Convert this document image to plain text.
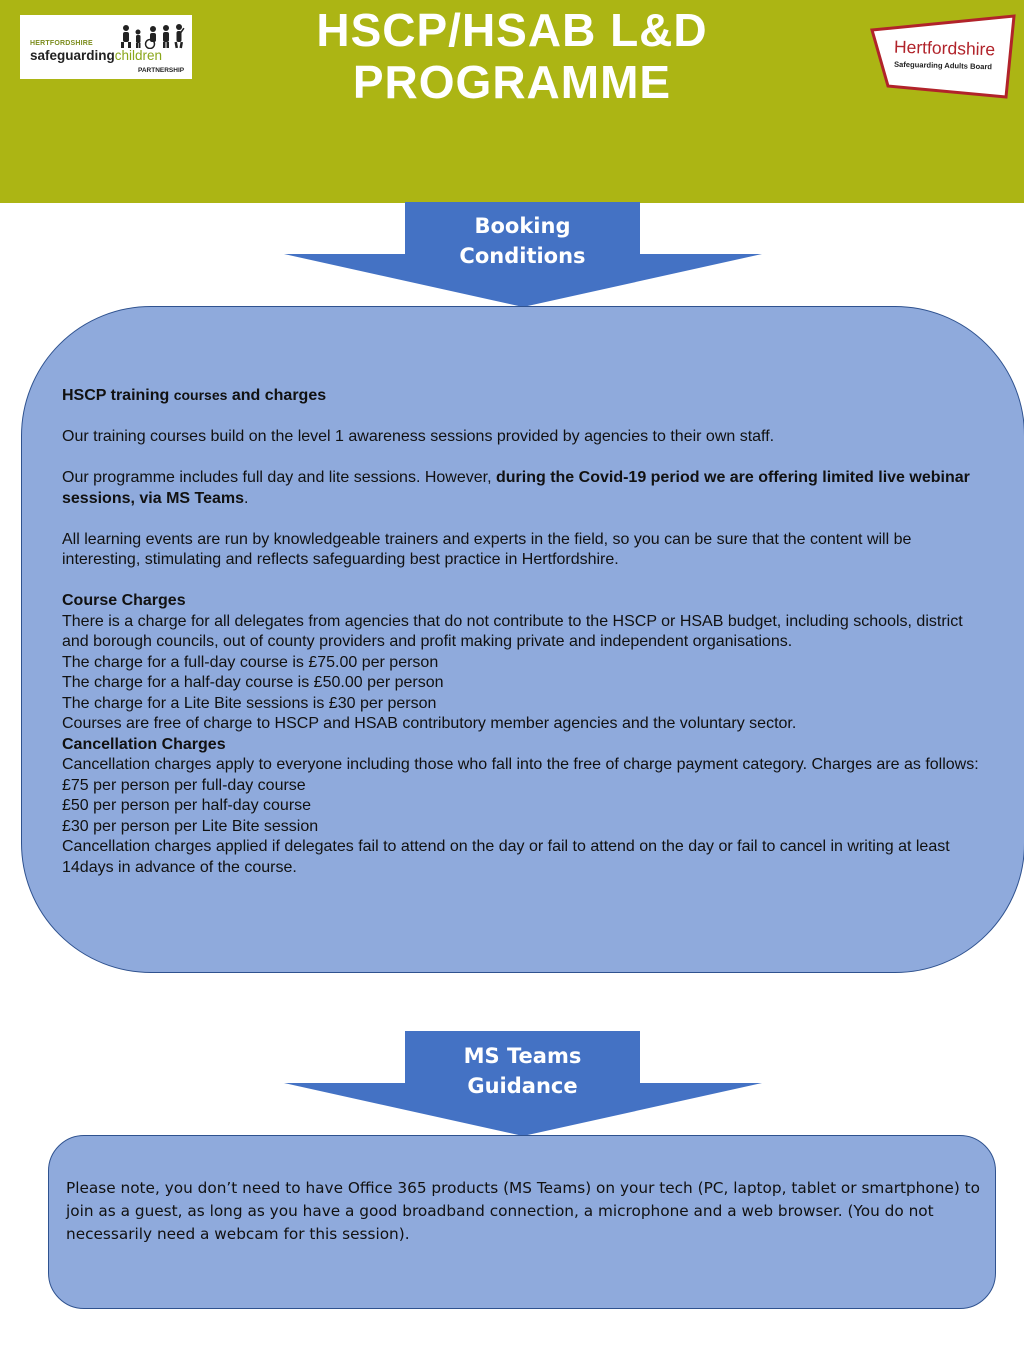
HERTFORDSHIRE
safeguardingchildren
PARTNERSHIP
HSCP/HSAB L&D
PROGRAMME
Hertfordshire
Safeguarding Adults Board
Booking
Conditions

HSCP training courses and charges

Our training courses build on the level 1 awareness sessions provided by agencies to their own staff.

Our programme includes full day and lite sessions. However, during the Covid-19 period we are offering limited live webinar sessions, via MS Teams.

All learning events are run by knowledgeable trainers and experts in the field, so you can be sure that the content will be interesting, stimulating and reflects safeguarding best practice in Hertfordshire.

Course Charges

There is a charge for all delegates from agencies that do not contribute to the HSCP or HSAB budget, including schools, district and borough councils, out of county providers and profit making private and independent organisations.

The charge for a full-day course is £75.00 per person

The charge for a half-day course is £50.00 per person

The charge for a Lite Bite sessions is £30 per person

Courses are free of charge to HSCP and HSAB contributory member agencies and the voluntary sector.

Cancellation Charges

Cancellation charges apply to everyone including those who fall into the free of charge payment category. Charges are as follows:

£75 per person per full-day course

£50 per person per half-day course

£30 per person per Lite Bite session

Cancellation charges applied if delegates fail to attend on the day or fail to attend on the day or fail to cancel in writing at least 14days in advance of the course.

MS Teams
Guidance
Please note, you don’t need to have Office 365 products (MS Teams) on your tech (PC, laptop, tablet or smartphone) to join as a guest, as long as you have a good broadband connection, a microphone and a web browser. (You do not necessarily need a webcam for this session).
